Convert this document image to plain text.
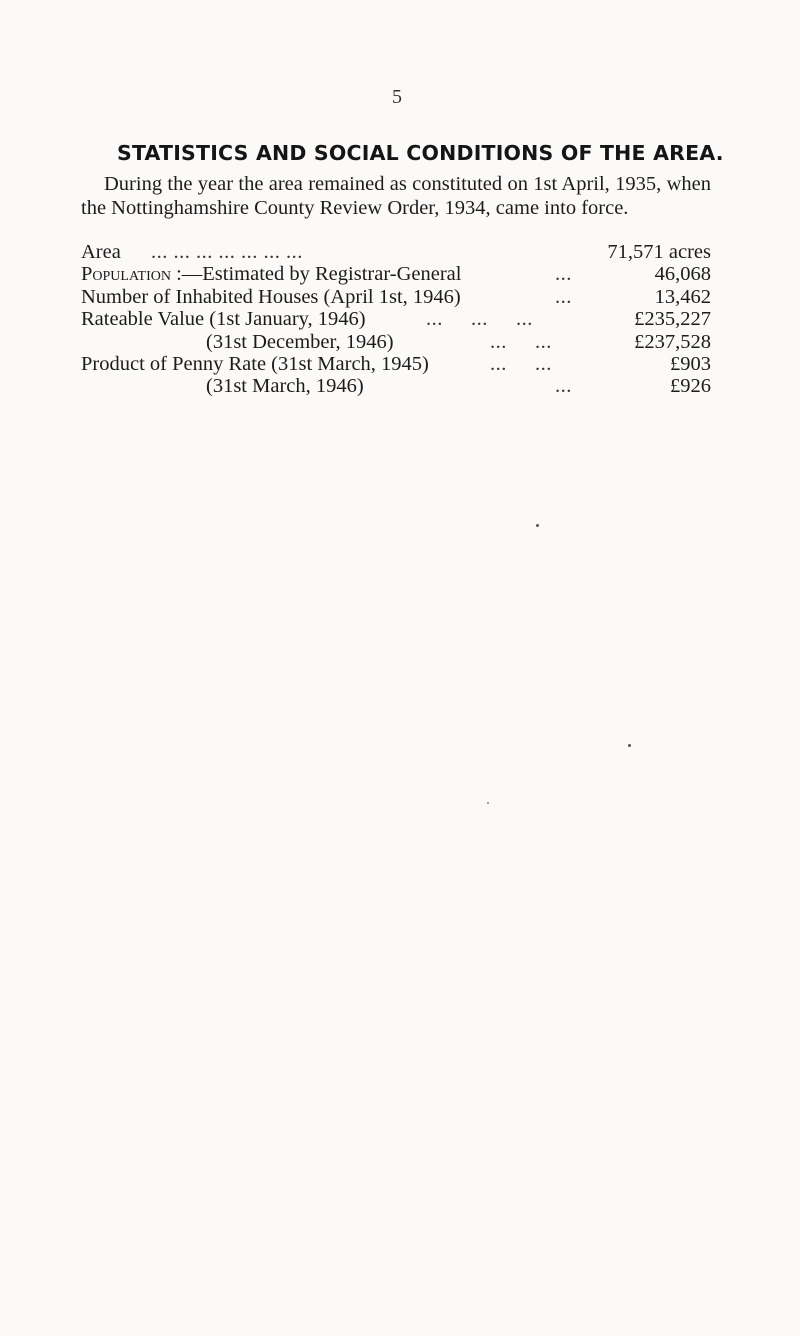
5
STATISTICS AND SOCIAL CONDITIONS OF THE AREA.

During the year the area remained as constituted on 1st April, 1935, when the Nottinghamshire County Review Order, 1934, came into force.

Area ... ... ... ... ... ... ...	71,571 acres
Population :—Estimated by Registrar-General	...	46,068
Number of Inhabited Houses (April 1st, 1946)	...	13,462
Rateable Value (1st January, 1946)	...     ...     ...	£235,227
(31st December, 1946)	...     ...	£237,528
Product of Penny Rate (31st March, 1945)	...     ...	£903
(31st March, 1946)	...	£926
